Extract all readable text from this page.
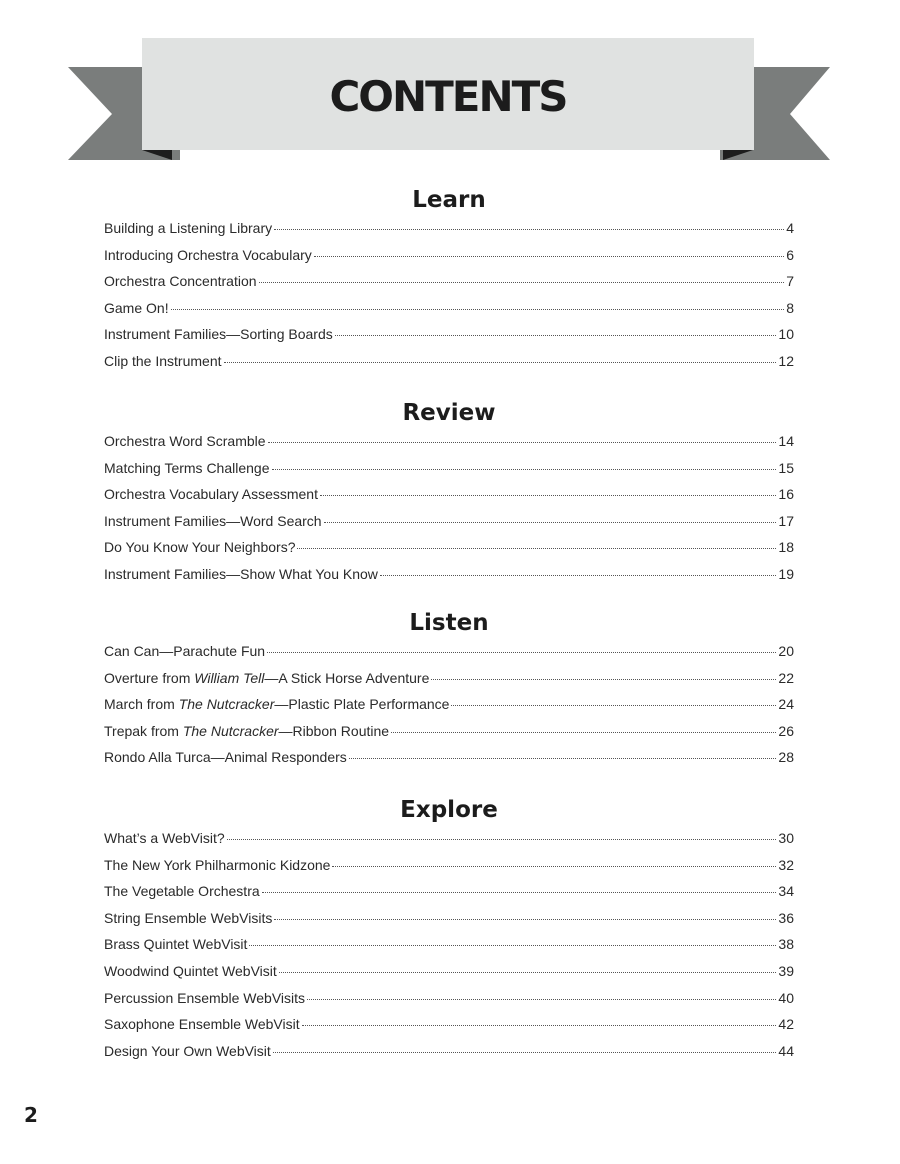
CONTENTS
Learn
Building a Listening Library	4
Introducing Orchestra Vocabulary	6
Orchestra Concentration	7
Game On!	8
Instrument Families—Sorting Boards	10
Clip the Instrument	12
Review
Orchestra Word Scramble	14
Matching Terms Challenge	15
Orchestra Vocabulary Assessment	16
Instrument Families—Word Search	17
Do You Know Your Neighbors?	18
Instrument Families—Show What You Know	19
Listen
Can Can—Parachute Fun	20
Overture from William Tell—A Stick Horse Adventure	22
March from The Nutcracker—Plastic Plate Performance	24
Trepak from The Nutcracker—Ribbon Routine	26
Rondo Alla Turca—Animal Responders	28
Explore
What’s a WebVisit?	30
The New York Philharmonic Kidzone	32
The Vegetable Orchestra	34
String Ensemble WebVisits	36
Brass Quintet WebVisit	38
Woodwind Quintet WebVisit	39
Percussion Ensemble WebVisits	40
Saxophone Ensemble WebVisit	42
Design Your Own WebVisit	44

2
